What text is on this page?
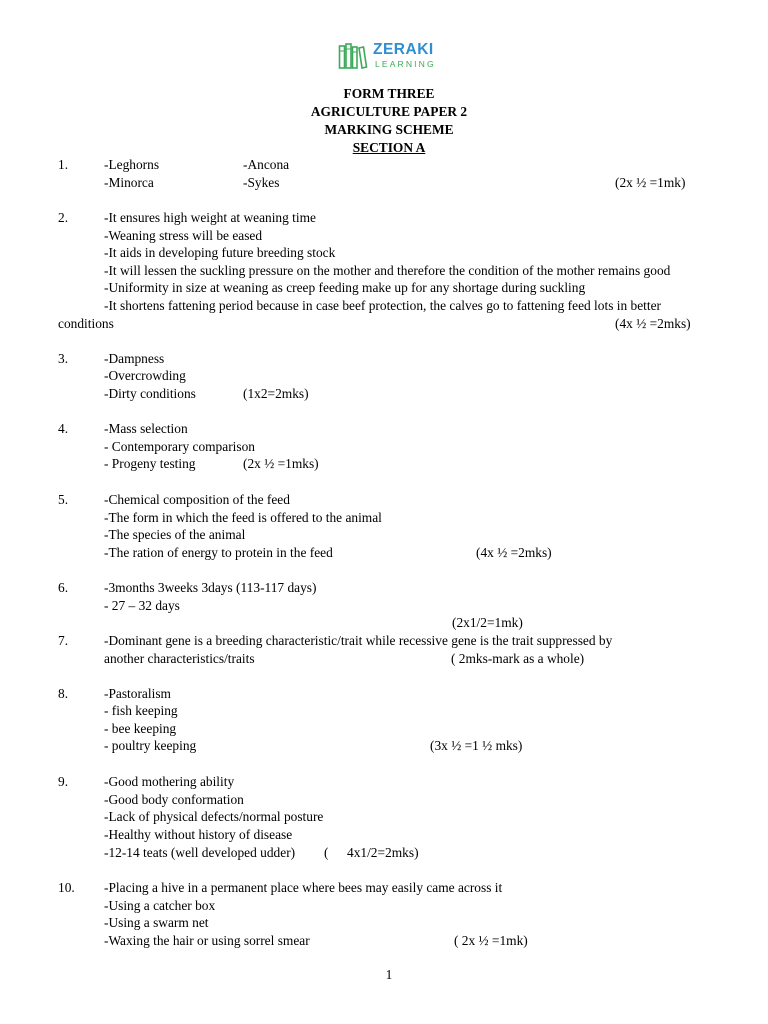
ZERAKI
LEARNING
FORM THREE
AGRICULTURE PAPER 2
MARKING SCHEME
SECTION A
1.	-Leghorns	-Ancona
-Minorca	-Sykes	(2x ½ =1mk)
2.	-It ensures high weight at weaning time
-Weaning stress will be eased
-It aids in developing future breeding stock
-It will lessen the suckling pressure on the mother and therefore the condition of the mother remains good
-Uniformity in size at weaning as creep feeding make up for any shortage during suckling
-It shortens fattening period because in case beef protection, the calves go to fattening feed lots in better
conditions	(4x ½ =2mks)
3.	-Dampness
-Overcrowding
-Dirty conditions	(1x2=2mks)
4.	-Mass selection
- Contemporary comparison
- Progeny testing	(2x ½ =1mks)
5.	-Chemical composition of the feed
-The form in which the feed is offered to the animal
-The species of the animal
-The ration of energy to protein in the feed	(4x ½ =2mks)
6.	-3months 3weeks 3days (113-117 days)
- 27 – 32 days
(2x1/2=1mk)
7.	-Dominant gene is a breeding characteristic/trait while recessive gene is the trait suppressed by
another characteristics/traits	( 2mks-mark as a whole)
8.	-Pastoralism
- fish keeping
- bee keeping
- poultry keeping	(3x ½ =1 ½ mks)
9.	-Good mothering ability
-Good body conformation
-Lack of physical defects/normal posture
-Healthy without history of disease
-12-14 teats (well developed udder) ( 4x1/2=2mks)
10. -Placing a hive in a permanent place where bees may easily came across it
-Using a catcher box
-Using a swarm net
-Waxing the hair or using sorrel smear	( 2x ½ =1mk)
1
